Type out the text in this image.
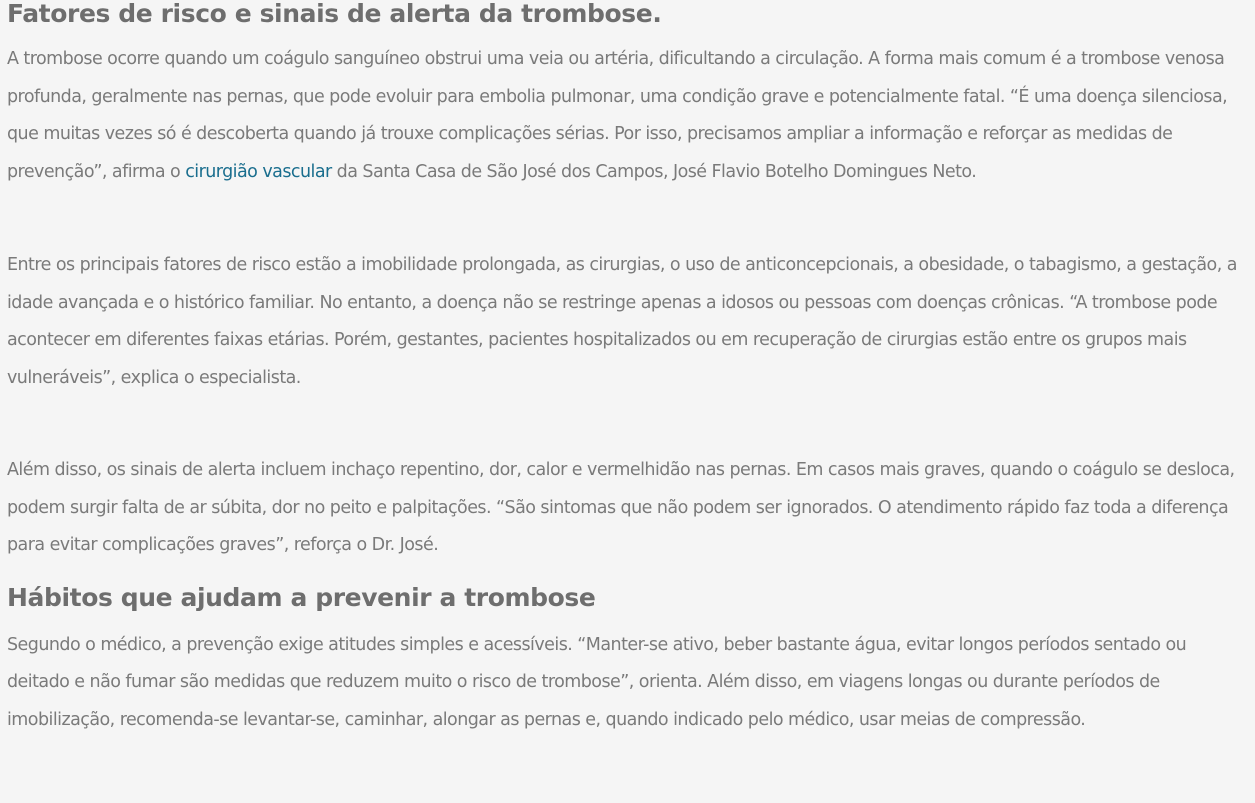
Fatores de risco e sinais de alerta da trombose.

A trombose ocorre quando um coágulo sanguíneo obstrui uma veia ou artéria, dificultando a circulação. A forma mais comum é a trombose venosa profunda, geralmente nas pernas, que pode evoluir para embolia pulmonar, uma condição grave e potencialmente fatal. “É uma doença silenciosa, que muitas vezes só é descoberta quando já trouxe complicações sérias. Por isso, precisamos ampliar a informação e reforçar as medidas de prevenção”, afirma o cirurgião vascular da Santa Casa de São José dos Campos, José Flavio Botelho Domingues Neto.

Entre os principais fatores de risco estão a imobilidade prolongada, as cirurgias, o uso de anticoncepcionais, a obesidade, o tabagismo, a gestação, a idade avançada e o histórico familiar. No entanto, a doença não se restringe apenas a idosos ou pessoas com doenças crônicas. “A trombose pode acontecer em diferentes faixas etárias. Porém, gestantes, pacientes hospitalizados ou em recuperação de cirurgias estão entre os grupos mais vulneráveis”, explica o especialista.

Além disso, os sinais de alerta incluem inchaço repentino, dor, calor e vermelhidão nas pernas. Em casos mais graves, quando o coágulo se desloca, podem surgir falta de ar súbita, dor no peito e palpitações. “São sintomas que não podem ser ignorados. O atendimento rápido faz toda a diferença para evitar complicações graves”, reforça o Dr. José.

Hábitos que ajudam a prevenir a trombose

Segundo o médico, a prevenção exige atitudes simples e acessíveis. “Manter-se ativo, beber bastante água, evitar longos períodos sentado ou deitado e não fumar são medidas que reduzem muito o risco de trombose”, orienta. Além disso, em viagens longas ou durante períodos de imobilização, recomenda-se levantar-se, caminhar, alongar as pernas e, quando indicado pelo médico, usar meias de compressão.
